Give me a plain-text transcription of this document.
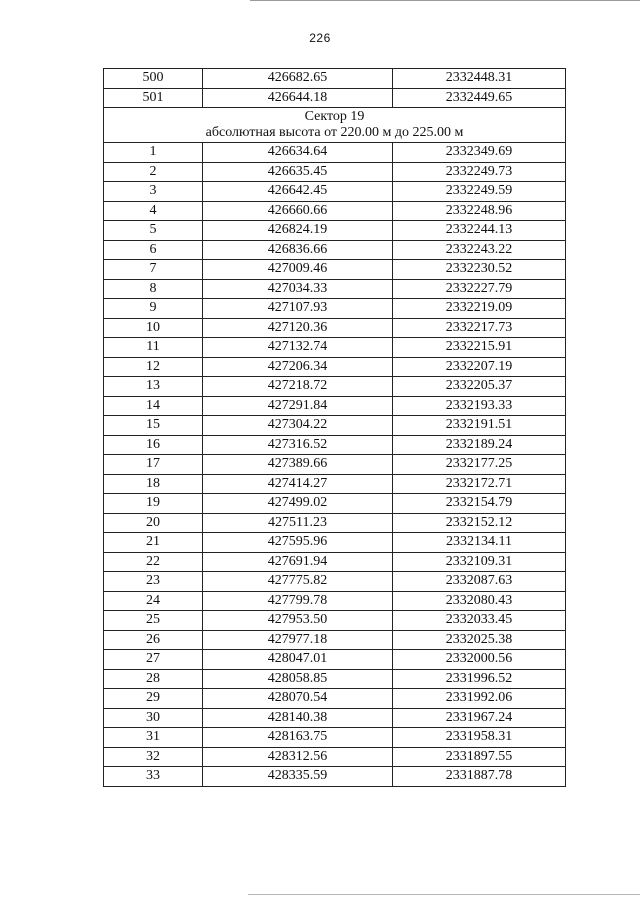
226
500	426682.65	2332448.31
501	426644.18	2332449.65

Сектор 19
абсолютная высота от 220.00 м до 225.00 м		

1	426634.64	2332349.69
2	426635.45	2332249.73
3	426642.45	2332249.59
4	426660.66	2332248.96
5	426824.19	2332244.13
6	426836.66	2332243.22
7	427009.46	2332230.52
8	427034.33	2332227.79
9	427107.93	2332219.09
10	427120.36	2332217.73
11	427132.74	2332215.91
12	427206.34	2332207.19
13	427218.72	2332205.37
14	427291.84	2332193.33
15	427304.22	2332191.51
16	427316.52	2332189.24
17	427389.66	2332177.25
18	427414.27	2332172.71
19	427499.02	2332154.79
20	427511.23	2332152.12
21	427595.96	2332134.11
22	427691.94	2332109.31
23	427775.82	2332087.63
24	427799.78	2332080.43
25	427953.50	2332033.45
26	427977.18	2332025.38
27	428047.01	2332000.56
28	428058.85	2331996.52
29	428070.54	2331992.06
30	428140.38	2331967.24
31	428163.75	2331958.31
32	428312.56	2331897.55
33	428335.59	2331887.78
